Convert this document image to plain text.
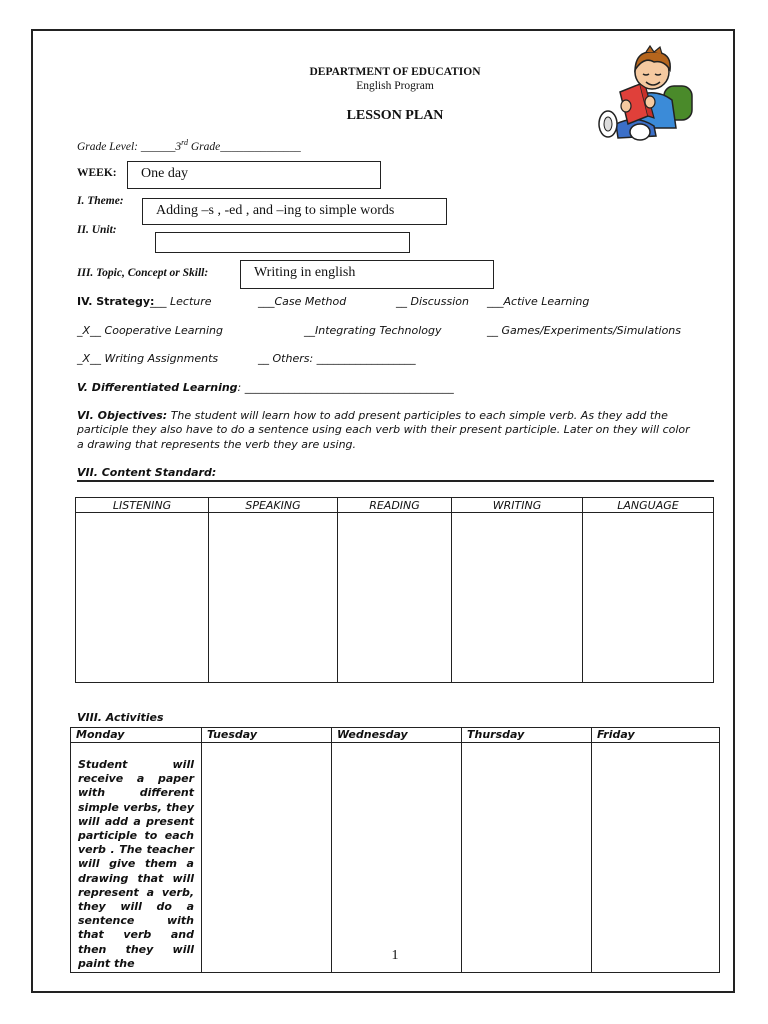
DEPARTMENT OF EDUCATION
English Program
LESSON PLAN
Grade Level: ______3rd Grade______________
WEEK:	One day
I. Theme:
Adding –s , -ed , and –ing to simple words
II. Unit:
III. Topic, Concept or Skill:	Writing in english
IV. Strategy:
___ Lecture	___Case Method	__ Discussion ___Active Learning
_X__ Cooperative Learning	__Integrating Technology	__ Games/Experiments/Simulations
_X__ Writing Assignments	__ Others: __________________
V. Differentiated Learning: ______________________________________
VI. Objectives: The student will learn how to add present participles to each simple verb. As they add the participle they also have to do a sentence using each verb with their present participle. Later on they will color a drawing that represents the verb they are using.
VII. Content Standard:
LISTENING	SPEAKING	READING	WRITING	LANGUAGE

VIII. Activities
Monday	Tuesday	Wednesday	Thursday	Friday

Student will receive a paper with different simple verbs, they will add a present participle to each verb . The teacher will give them a drawing that will represent a verb, they will do a sentence with that verb and then they will paint the				

1
